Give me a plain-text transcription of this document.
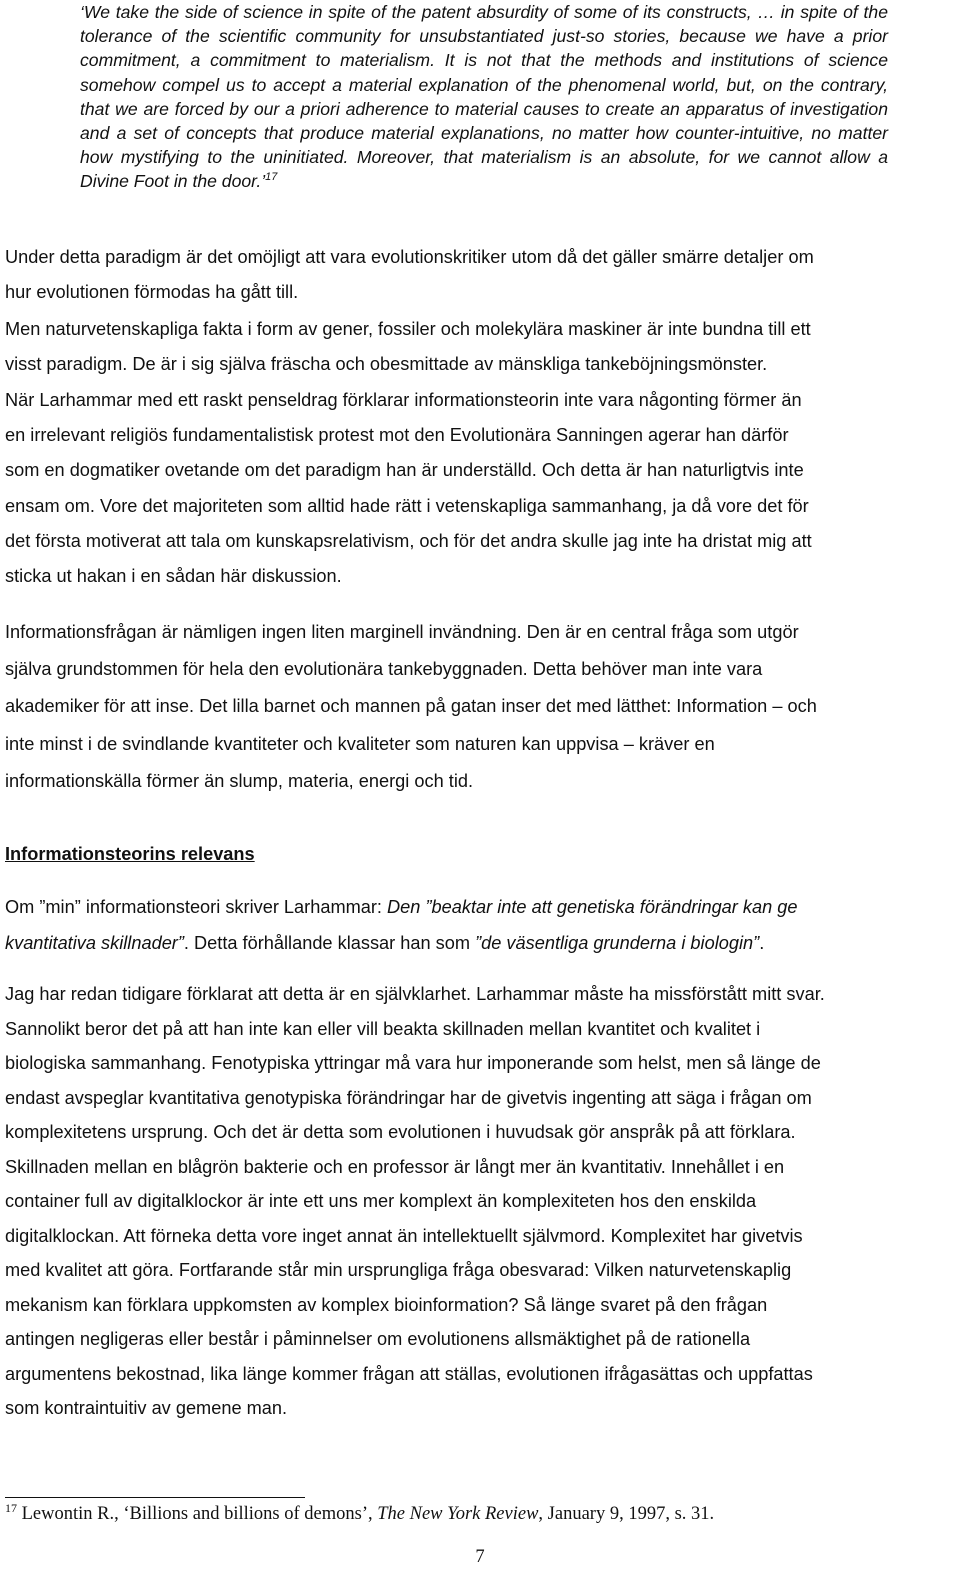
‘We take the side of science in spite of the patent absurdity of some of its constructs, … in spite of the tolerance of the scientific community for unsubstantiated just-so stories, because we have a prior commitment, a commitment to materialism. It is not that the methods and institutions of science somehow compel us to accept a material explanation of the phenomenal world, but, on the contrary, that we are forced by our a priori adherence to material causes to create an apparatus of investigation and a set of concepts that produce material explanations, no matter how counter-intuitive, no matter how mystifying to the uninitiated. Moreover, that materialism is an absolute, for we cannot allow a Divine Foot in the door.’$^{17}$

Under detta paradigm är det omöjligt att vara evolutionskritiker utom då det gäller smärre detaljer om
hur evolutionen förmodas ha gått till.

Men naturvetenskapliga fakta i form av gener, fossiler och molekylära maskiner är inte bundna till ett
visst paradigm. De är i sig själva fräscha och obesmittade av mänskliga tankeböjningsmönster.

När Larhammar med ett raskt penseldrag förklarar informationsteorin inte vara någonting förmer än
en irrelevant religiös fundamentalistisk protest mot den Evolutionära Sanningen agerar han därför
som en dogmatiker ovetande om det paradigm han är underställd. Och detta är han naturligtvis inte
ensam om. Vore det majoriteten som alltid hade rätt i vetenskapliga sammanhang, ja då vore det för
det första motiverat att tala om kunskapsrelativism, och för det andra skulle jag inte ha dristat mig att
sticka ut hakan i en sådan här diskussion.

Informationsfrågan är nämligen ingen liten marginell invändning. Den är en central fråga som utgör
själva grundstommen för hela den evolutionära tankebyggnaden. Detta behöver man inte vara
akademiker för att inse. Det lilla barnet och mannen på gatan inser det med lätthet: Information – och
inte minst i de svindlande kvantiteter och kvaliteter som naturen kan uppvisa – kräver en
informationskälla förmer än slump, materia, energi och tid.

Informationsteorins relevans

Om ”min” informationsteori skriver Larhammar: Den ”beaktar inte att genetiska förändringar kan ge
kvantitativa skillnader”. Detta förhållande klassar han som ”de väsentliga grunderna i biologin”.

Jag har redan tidigare förklarat att detta är en självklarhet. Larhammar måste ha missförstått mitt svar.
Sannolikt beror det på att han inte kan eller vill beakta skillnaden mellan kvantitet och kvalitet i
biologiska sammanhang. Fenotypiska yttringar må vara hur imponerande som helst, men så länge de
endast avspeglar kvantitativa genotypiska förändringar har de givetvis ingenting att säga i frågan om
komplexitetens ursprung. Och det är detta som evolutionen i huvudsak gör anspråk på att förklara.
Skillnaden mellan en blågrön bakterie och en professor är långt mer än kvantitativ. Innehållet i en
container full av digitalklockor är inte ett uns mer komplext än komplexiteten hos den enskilda
digitalklockan. Att förneka detta vore inget annat än intellektuellt självmord. Komplexitet har givetvis
med kvalitet att göra. Fortfarande står min ursprungliga fråga obesvarad: Vilken naturvetenskaplig
mekanism kan förklara uppkomsten av komplex bioinformation? Så länge svaret på den frågan
antingen negligeras eller består i påminnelser om evolutionens allsmäktighet på de rationella
argumentens bekostnad, lika länge kommer frågan att ställas, evolutionen ifrågasättas och uppfattas
som kontraintuitiv av gemene man.

$^{17}$ Lewontin R., ‘Billions and billions of demons’, The New York Review, January 9, 1997, s. 31.

7
